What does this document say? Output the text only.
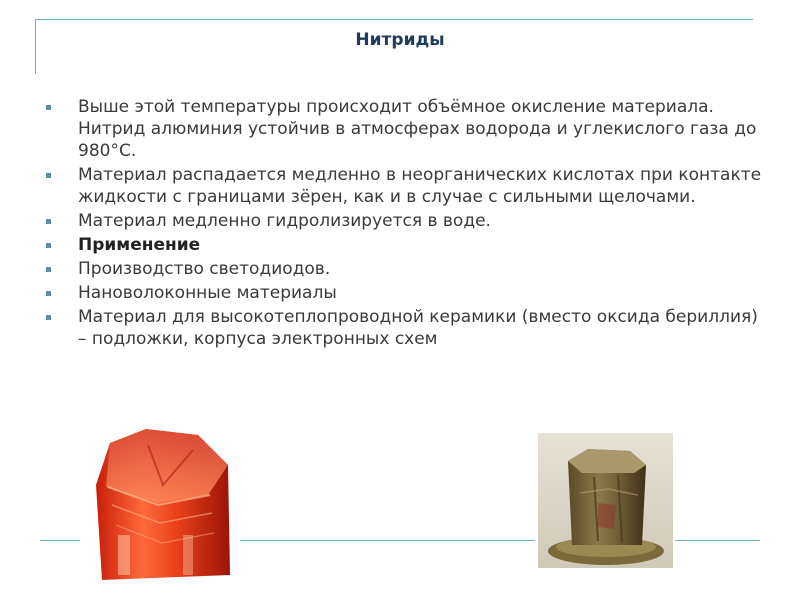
Нитриды
Выше этой температуры происходит объёмное окисление материала. Нитрид алюминия устойчив в атмосферах водорода и углекислого газа до 980°С.
Материал распадается медленно в неорганических кислотах при контакте жидкости с границами зёрен, как и в случае с сильными щелочами.
Материал медленно гидролизируется в воде.
Применение
Производство светодиодов.
Нановолоконные материалы
Материал для высокотеплопроводной керамики (вместо оксида бериллия) – подложки, корпуса электронных схем
